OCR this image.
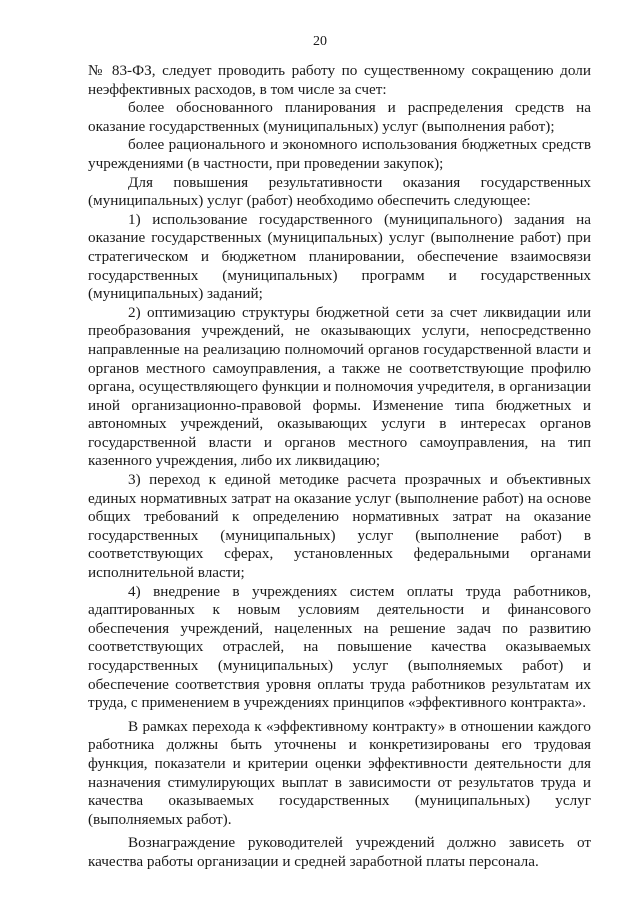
20

№ 83-ФЗ, следует проводить работу по существенному сокращению доли неэффективных расходов, в том числе за счет:

более обоснованного планирования и распределения средств на оказание государственных (муниципальных) услуг (выполнения работ);

более рационального и экономного использования бюджетных средств учреждениями (в частности, при проведении закупок);

Для повышения результативности оказания государственных (муниципальных) услуг (работ) необходимо обеспечить следующее:

1) использование государственного (муниципального) задания на оказание государственных (муниципальных) услуг (выполнение работ) при стратегическом и бюджетном планировании, обеспечение взаимосвязи государственных (муниципальных) программ и государственных (муниципальных) заданий;

2) оптимизацию структуры бюджетной сети за счет ликвидации или преобразования учреждений, не оказывающих услуги, непосредственно направленные на реализацию полномочий органов государственной власти и органов местного самоуправления, а также не соответствующие профилю органа, осуществляющего функции и полномочия учредителя, в организации иной организационно-правовой формы. Изменение типа бюджетных и автономных учреждений, оказывающих услуги в интересах органов государственной власти и органов местного самоуправления, на тип казенного учреждения, либо их ликвидацию;

3) переход к единой методике расчета прозрачных и объективных единых нормативных затрат на оказание услуг (выполнение работ) на основе общих требований к определению нормативных затрат на оказание государственных (муниципальных) услуг (выполнение работ) в соответствующих сферах, установленных федеральными органами исполнительной власти;

4) внедрение в учреждениях систем оплаты труда работников, адаптированных к новым условиям деятельности и финансового обеспечения учреждений, нацеленных на решение задач по развитию соответствующих отраслей, на повышение качества оказываемых государственных (муниципальных) услуг (выполняемых работ) и обеспечение соответствия уровня оплаты труда работников результатам их труда, с применением в учреждениях принципов «эффективного контракта».

В рамках перехода к «эффективному контракту» в отношении каждого работника должны быть уточнены и конкретизированы его трудовая функция, показатели и критерии оценки эффективности деятельности для назначения стимулирующих выплат в зависимости от результатов труда и качества оказываемых государственных (муниципальных) услуг (выполняемых работ).

Вознаграждение руководителей учреждений должно зависеть от качества работы организации и средней заработной платы персонала.
